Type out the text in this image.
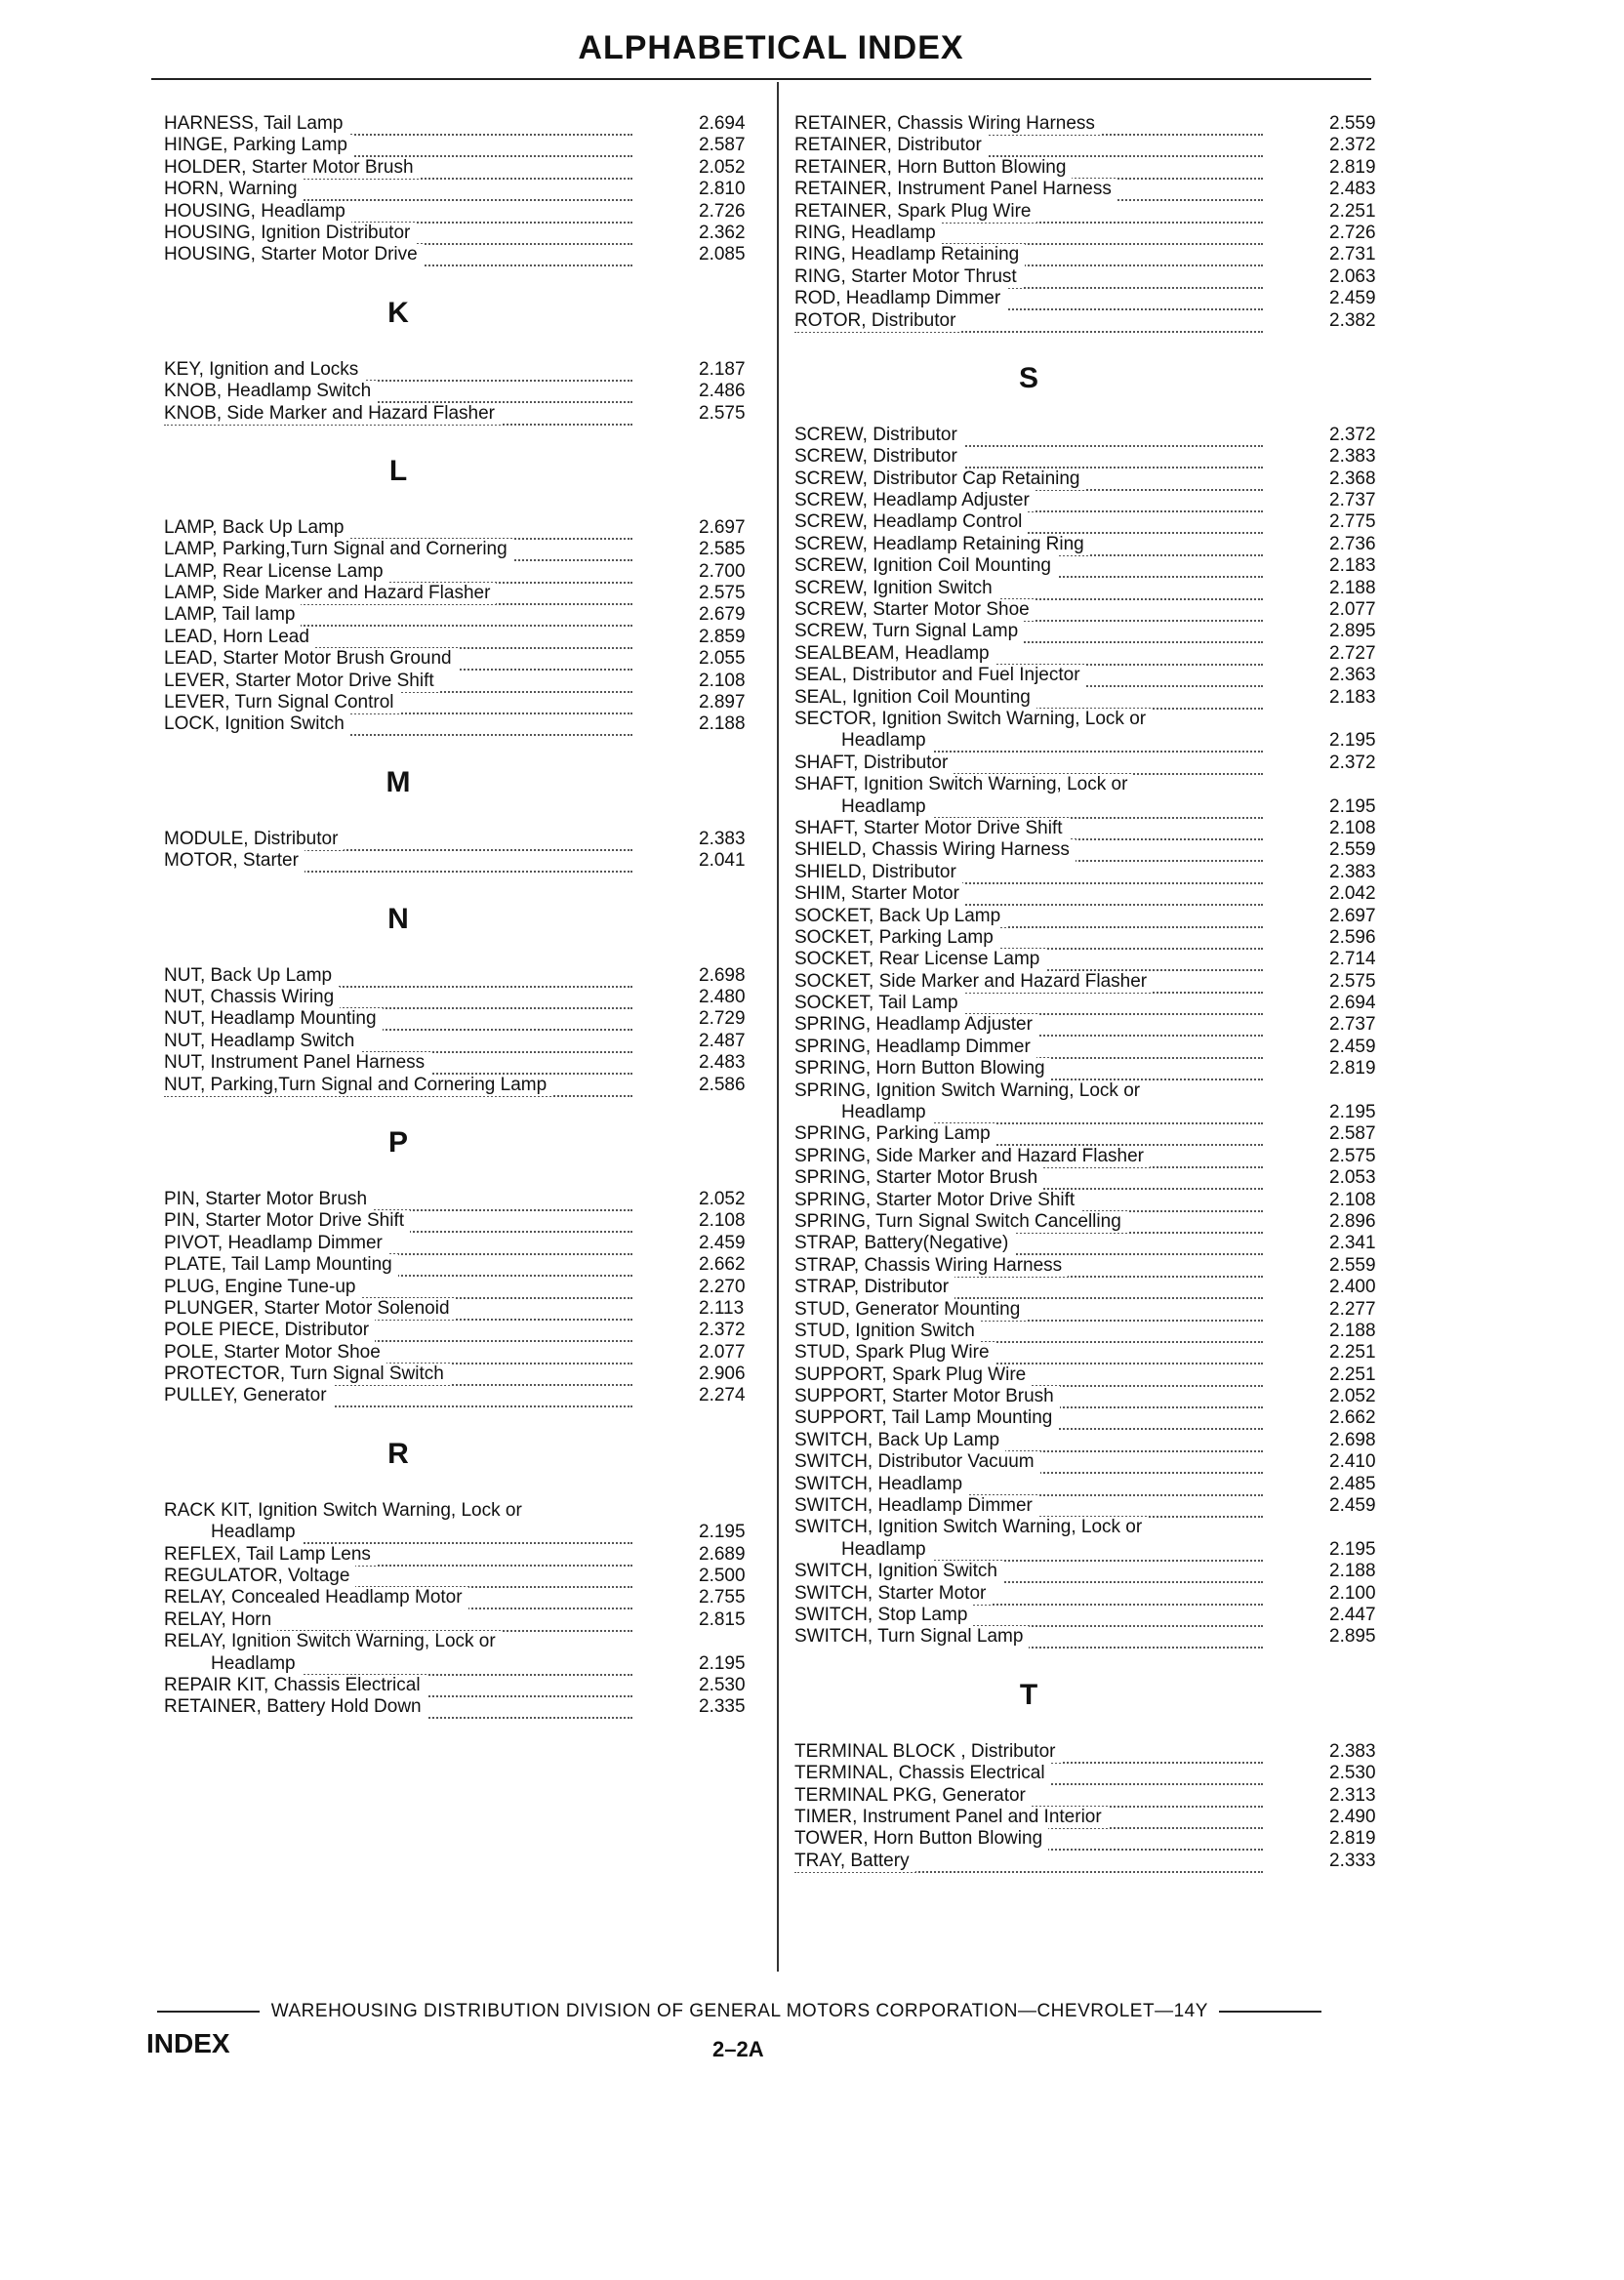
ALPHABETICAL INDEX
HARNESS, Tail Lamp	2.694
HINGE, Parking Lamp	2.587
HOLDER, Starter Motor Brush	2.052
HORN, Warning	2.810
HOUSING, Headlamp	2.726
HOUSING, Ignition Distributor	2.362
HOUSING, Starter Motor Drive	2.085
K
KEY, Ignition and Locks	2.187
KNOB, Headlamp Switch	2.486
KNOB, Side Marker and Hazard Flasher	2.575
L
LAMP, Back Up Lamp	2.697
LAMP, Parking,Turn Signal and Cornering	2.585
LAMP, Rear License Lamp	2.700
LAMP, Side Marker and Hazard Flasher	2.575
LAMP, Tail lamp	2.679
LEAD, Horn Lead	2.859
LEAD, Starter Motor Brush Ground	2.055
LEVER, Starter Motor Drive Shift	2.108
LEVER, Turn Signal Control	2.897
LOCK, Ignition Switch	2.188
M
MODULE, Distributor	2.383
MOTOR, Starter	2.041
N
NUT, Back Up Lamp	2.698
NUT, Chassis Wiring	2.480
NUT, Headlamp Mounting	2.729
NUT, Headlamp Switch	2.487
NUT, Instrument Panel Harness	2.483
NUT, Parking,Turn Signal and Cornering Lamp	2.586
P
PIN, Starter Motor Brush	2.052
PIN, Starter Motor Drive Shift	2.108
PIVOT, Headlamp Dimmer	2.459
PLATE, Tail Lamp Mounting	2.662
PLUG, Engine Tune-up	2.270
PLUNGER, Starter Motor Solenoid	2.113
POLE PIECE, Distributor	2.372
POLE, Starter Motor Shoe	2.077
PROTECTOR, Turn Signal Switch	2.906
PULLEY, Generator	2.274
R
RACK KIT, Ignition Switch Warning, Lock or
Headlamp	2.195
REFLEX, Tail Lamp Lens	2.689
REGULATOR, Voltage	2.500
RELAY, Concealed Headlamp Motor	2.755
RELAY, Horn	2.815
RELAY, Ignition Switch Warning, Lock or
Headlamp	2.195
REPAIR KIT, Chassis Electrical	2.530
RETAINER, Battery Hold Down	2.335
RETAINER, Chassis Wiring Harness	2.559
RETAINER, Distributor	2.372
RETAINER, Horn Button Blowing	2.819
RETAINER, Instrument Panel Harness	2.483
RETAINER, Spark Plug Wire	2.251
RING, Headlamp	2.726
RING, Headlamp Retaining	2.731
RING, Starter Motor Thrust	2.063
ROD, Headlamp Dimmer	2.459
ROTOR, Distributor	2.382
S
SCREW, Distributor	2.372
SCREW, Distributor	2.383
SCREW, Distributor Cap Retaining	2.368
SCREW, Headlamp Adjuster	2.737
SCREW, Headlamp Control	2.775
SCREW, Headlamp Retaining Ring	2.736
SCREW, Ignition Coil Mounting	2.183
SCREW, Ignition Switch	2.188
SCREW, Starter Motor Shoe	2.077
SCREW, Turn Signal Lamp	2.895
SEALBEAM, Headlamp	2.727
SEAL, Distributor and Fuel Injector	2.363
SEAL, Ignition Coil Mounting	2.183
SECTOR, Ignition Switch Warning, Lock or
Headlamp	2.195
SHAFT, Distributor	2.372
SHAFT, Ignition Switch Warning, Lock or
Headlamp	2.195
SHAFT, Starter Motor Drive Shift	2.108
SHIELD, Chassis Wiring Harness	2.559
SHIELD, Distributor	2.383
SHIM, Starter Motor	2.042
SOCKET, Back Up Lamp	2.697
SOCKET, Parking Lamp	2.596
SOCKET, Rear License Lamp	2.714
SOCKET, Side Marker and Hazard Flasher	2.575
SOCKET, Tail Lamp	2.694
SPRING, Headlamp Adjuster	2.737
SPRING, Headlamp Dimmer	2.459
SPRING, Horn Button Blowing	2.819
SPRING, Ignition Switch Warning, Lock or
Headlamp	2.195
SPRING, Parking Lamp	2.587
SPRING, Side Marker and Hazard Flasher	2.575
SPRING, Starter Motor Brush	2.053
SPRING, Starter Motor Drive Shift	2.108
SPRING, Turn Signal Switch Cancelling	2.896
STRAP, Battery(Negative)	2.341
STRAP, Chassis Wiring Harness	2.559
STRAP, Distributor	2.400
STUD, Generator Mounting	2.277
STUD, Ignition Switch	2.188
STUD, Spark Plug Wire	2.251
SUPPORT, Spark Plug Wire	2.251
SUPPORT, Starter Motor Brush	2.052
SUPPORT, Tail Lamp Mounting	2.662
SWITCH, Back Up Lamp	2.698
SWITCH, Distributor Vacuum	2.410
SWITCH, Headlamp	2.485
SWITCH, Headlamp Dimmer	2.459
SWITCH, Ignition Switch Warning, Lock or
Headlamp	2.195
SWITCH, Ignition Switch	2.188
SWITCH, Starter Motor	2.100
SWITCH, Stop Lamp	2.447
SWITCH, Turn Signal Lamp	2.895
T
TERMINAL BLOCK , Distributor	2.383
TERMINAL, Chassis Electrical	2.530
TERMINAL PKG, Generator	2.313
TIMER, Instrument Panel and Interior	2.490
TOWER, Horn Button Blowing	2.819
TRAY, Battery	2.333
WAREHOUSING DISTRIBUTION DIVISION OF GENERAL MOTORS CORPORATION—CHEVROLET—14Y
INDEX	2–2A
